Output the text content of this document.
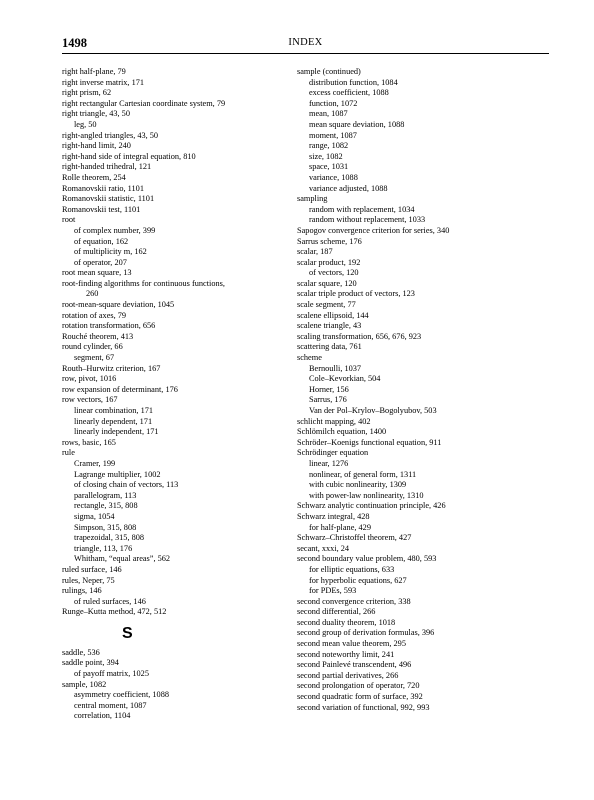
1498	INDEX
right half-plane, 79
right inverse matrix, 171
right prism, 62
right rectangular Cartesian coordinate system, 79
right triangle, 43, 50
leg, 50
right-angled triangles, 43, 50
right-hand limit, 240
right-hand side of integral equation, 810
right-handed trihedral, 121
Rolle theorem, 254
Romanovskii ratio, 1101
Romanovskii statistic, 1101
Romanovskii test, 1101
root
of complex number, 399
of equation, 162
of multiplicity m, 162
of operator, 207
root mean square, 13
root-finding algorithms for continuous functions,
260
root-mean-square deviation, 1045
rotation of axes, 79
rotation transformation, 656
Rouché theorem, 413
round cylinder, 66
segment, 67
Routh–Hurwitz criterion, 167
row, pivot, 1016
row expansion of determinant, 176
row vectors, 167
linear combination, 171
linearly dependent, 171
linearly independent, 171
rows, basic, 165
rule
Cramer, 199
Lagrange multiplier, 1002
of closing chain of vectors, 113
parallelogram, 113
rectangle, 315, 808
sigma, 1054
Simpson, 315, 808
trapezoidal, 315, 808
triangle, 113, 176
Whitham, “equal areas”, 562
ruled surface, 146
rules, Neper, 75
rulings, 146
of ruled surfaces, 146
Runge–Kutta method, 472, 512
S
saddle, 536
saddle point, 394
of payoff matrix, 1025
sample, 1082
asymmetry coefficient, 1088
central moment, 1087
correlation, 1104
sample (continued)
distribution function, 1084
excess coefficient, 1088
function, 1072
mean, 1087
mean square deviation, 1088
moment, 1087
range, 1082
size, 1082
space, 1031
variance, 1088
variance adjusted, 1088
sampling
random with replacement, 1034
random without replacement, 1033
Sapogov convergence criterion for series, 340
Sarrus scheme, 176
scalar, 187
scalar product, 192
of vectors, 120
scalar square, 120
scalar triple product of vectors, 123
scale segment, 77
scalene ellipsoid, 144
scalene triangle, 43
scaling transformation, 656, 676, 923
scattering data, 761
scheme
Bernoulli, 1037
Cole–Kevorkian, 504
Horner, 156
Sarrus, 176
Van der Pol–Krylov–Bogolyubov, 503
schlicht mapping, 402
Schlömilch equation, 1400
Schröder–Koenigs functional equation, 911
Schrödinger equation
linear, 1276
nonlinear, of general form, 1311
with cubic nonlinearity, 1309
with power-law nonlinearity, 1310
Schwarz analytic continuation principle, 426
Schwarz integral, 428
for half-plane, 429
Schwarz–Christoffel theorem, 427
secant, xxxi, 24
second boundary value problem, 480, 593
for elliptic equations, 633
for hyperbolic equations, 627
for PDEs, 593
second convergence criterion, 338
second differential, 266
second duality theorem, 1018
second group of derivation formulas, 396
second mean value theorem, 295
second noteworthy limit, 241
second Painlevé transcendent, 496
second partial derivatives, 266
second prolongation of operator, 720
second quadratic form of surface, 392
second variation of functional, 992, 993
